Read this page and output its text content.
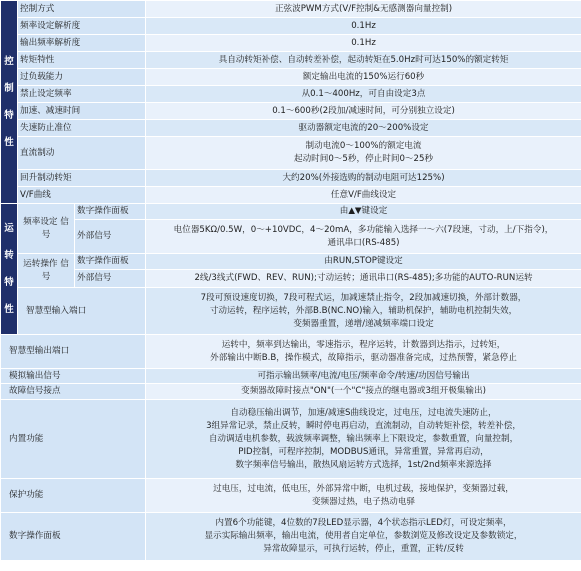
控
制
特
性	控制方式		正弦波PWM方式(V/F控制&无感测器向量控制)
	频率设定解析度		0.1Hz
	输出频率解析度		0.1Hz
	转矩特性		具自动转矩补偿、自动转差补偿，起动转矩在5.0Hz时可达150%的额定转矩
	过负载能力		额定输出电流的150%运行60秒
	禁止设定频率		从0.1～400Hz，可自由设定3点
	加速、减速时间		0.1～600秒(2段加/减速时间，可分别独立设定)
	失速防止准位		驱动器额定电流的20～200%设定
	直流制动		制动电流0～100%的额定电流
起动时间0～5秒，停止时间0～25秒

	回升制动转矩		大约20%(外接选购的制动电阻可达125%)
	V/F曲线		任意V/F曲线设定

运
转
特
性	频率设定 信号	数字操作面板	由▲▼键设定
		外部信号	电位器5KΩ/0.5W，0～+10VDC，4～20mA，多功能输入选择一～六(7段速，寸动，上/下指令)，
通讯串口(RS-485)

	运转操作 信号	数字操作面板	由RUN,STOP键设定
		外部信号	2线/3线式(FWD、REV、RUN);寸动运转；通讯串口(RS-485);多功能的AUTO-RUN运转
	智慧型输入端口		7段可预设速度切换，7段可程式运，加减速禁止指令，2段加减速切换，外部计数器，
寸动运转，程序运转，外部B.B(NC.NO)输入，辅助机保护，辅助电机控制失效，
变频器重置，递增/递减频率端口设定

智慧型输出端口			运转中，频率到达输出，零速指示，程序运转，计数器到达指示，过转矩，
外部输出中断B.B，操作模式，故障指示，驱动器准备完成，过热预警，紧急停止

模拟输出信号			可指示输出频率/电流/电压/频率命令/转速/功因信号输出
故障信号接点			变频器故障时接点"ON"(一个"C"接点的继电器或3组开极集输出)
内置功能			自动稳压输出调节，加速/减速S曲线设定，过电压，过电流失速防止，
3组异常记录，禁止反转，瞬时停电再启动，直流制动，自动转矩补偿，转差补偿，
自动调适电机参数，载波频率调整，输出频率上下限设定，参数重置，向量控制，
PID控制，可程序控制，MODBUS通讯，异常重置，异常再启动，
数字频率信号输出，散热风扇运转方式选择，1st/2nd频率来源选择

保护功能			过电压，过电流，低电压，外部异常中断，电机过载，接地保护，变频器过载，
变频器过热，电子热动电驿

数字操作面板			内置6个功能键，4位数的7段LED显示器，4个状态指示LED灯，可设定频率，
显示实际输出频率，输出电流，使用者自定单位，参数浏览及修改设定及参数锁定，
异常故障显示，可执行运转，停止，重置，正转/反转
